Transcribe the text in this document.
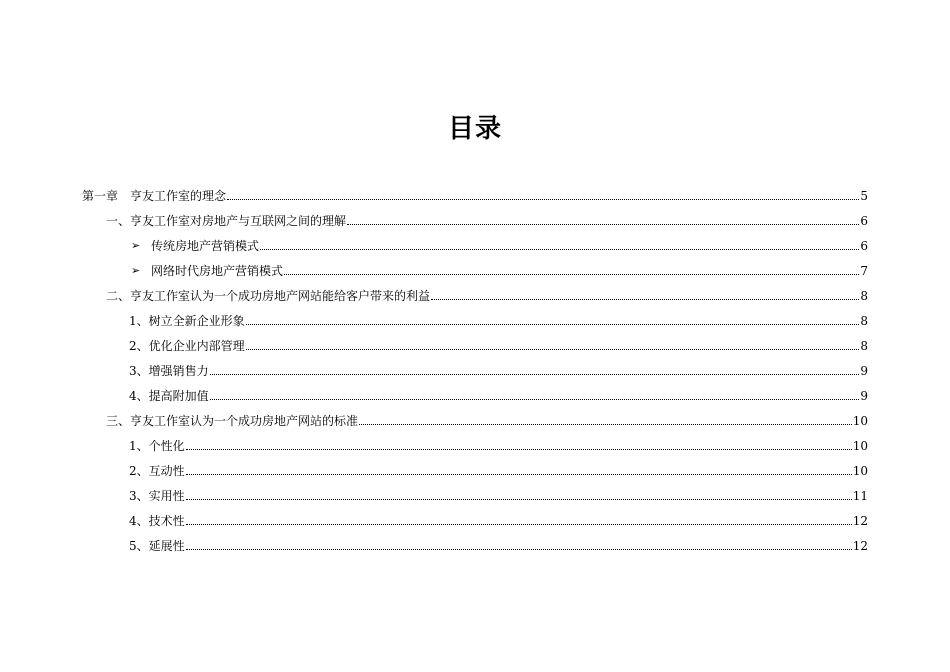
目录
第一章　亨友工作室的理念	5
一、亨友工作室对房地产与互联网之间的理解	6
➢ 传统房地产营销模式	6
➢ 网络时代房地产营销模式	7
二、亨友工作室认为一个成功房地产网站能给客户带来的利益	8
1、树立全新企业形象	8
2、优化企业内部管理	8
3、增强销售力	9
4、提高附加值	9
三、亨友工作室认为一个成功房地产网站的标准	10
1、个性化	10
2、互动性	10
3、实用性	11
4、技术性	12
5、延展性	12
